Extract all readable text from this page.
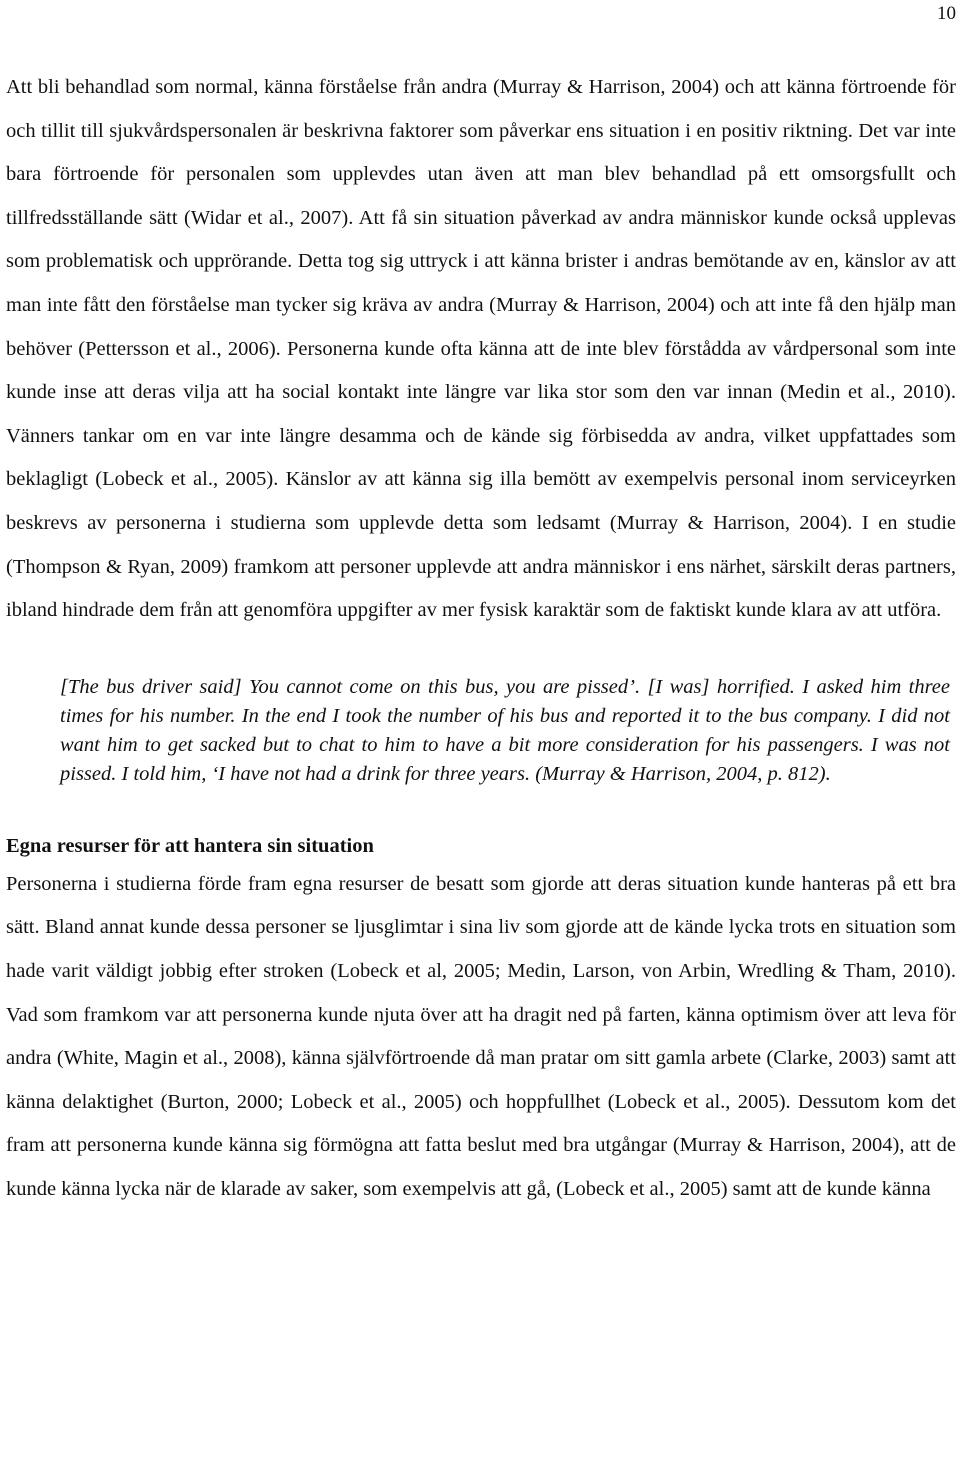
10

Att bli behandlad som normal, känna förståelse från andra (Murray & Harrison, 2004) och att känna förtroende för och tillit till sjukvårdspersonalen är beskrivna faktorer som påverkar ens situation i en positiv riktning. Det var inte bara förtroende för personalen som upplevdes utan även att man blev behandlad på ett omsorgsfullt och tillfredsställande sätt (Widar et al., 2007). Att få sin situation påverkad av andra människor kunde också upplevas som problematisk och upprörande. Detta tog sig uttryck i att känna brister i andras bemötande av en, känslor av att man inte fått den förståelse man tycker sig kräva av andra (Murray & Harrison, 2004) och att inte få den hjälp man behöver (Pettersson et al., 2006). Personerna kunde ofta känna att de inte blev förstådda av vårdpersonal som inte kunde inse att deras vilja att ha social kontakt inte längre var lika stor som den var innan (Medin et al., 2010). Vänners tankar om en var inte längre desamma och de kände sig förbisedda av andra, vilket uppfattades som beklagligt (Lobeck et al., 2005). Känslor av att känna sig illa bemött av exempelvis personal inom serviceyrken beskrevs av personerna i studierna som upplevde detta som ledsamt (Murray & Harrison, 2004). I en studie (Thompson & Ryan, 2009) framkom att personer upplevde att andra människor i ens närhet, särskilt deras partners, ibland hindrade dem från att genomföra uppgifter av mer fysisk karaktär som de faktiskt kunde klara av att utföra.

[The bus driver said] You cannot come on this bus, you are pissed’. [I was] horrified. I asked him three times for his number. In the end I took the number of his bus and reported it to the bus company. I did not want him to get sacked but to chat to him to have a bit more consideration for his passengers. I was not pissed. I told him, ‘I have not had a drink for three years. (Murray & Harrison, 2004, p. 812).

Egna resurser för att hantera sin situation

Personerna i studierna förde fram egna resurser de besatt som gjorde att deras situation kunde hanteras på ett bra sätt. Bland annat kunde dessa personer se ljusglimtar i sina liv som gjorde att de kände lycka trots en situation som hade varit väldigt jobbig efter stroken (Lobeck et al, 2005; Medin, Larson, von Arbin, Wredling & Tham, 2010). Vad som framkom var att personerna kunde njuta över att ha dragit ned på farten, känna optimism över att leva för andra (White, Magin et al., 2008), känna självförtroende då man pratar om sitt gamla arbete (Clarke, 2003) samt att känna delaktighet (Burton, 2000; Lobeck et al., 2005) och hoppfullhet (Lobeck et al., 2005). Dessutom kom det fram att personerna kunde känna sig förmögna att fatta beslut med bra utgångar (Murray & Harrison, 2004), att de kunde känna lycka när de klarade av saker, som exempelvis att gå, (Lobeck et al., 2005) samt att de kunde känna
